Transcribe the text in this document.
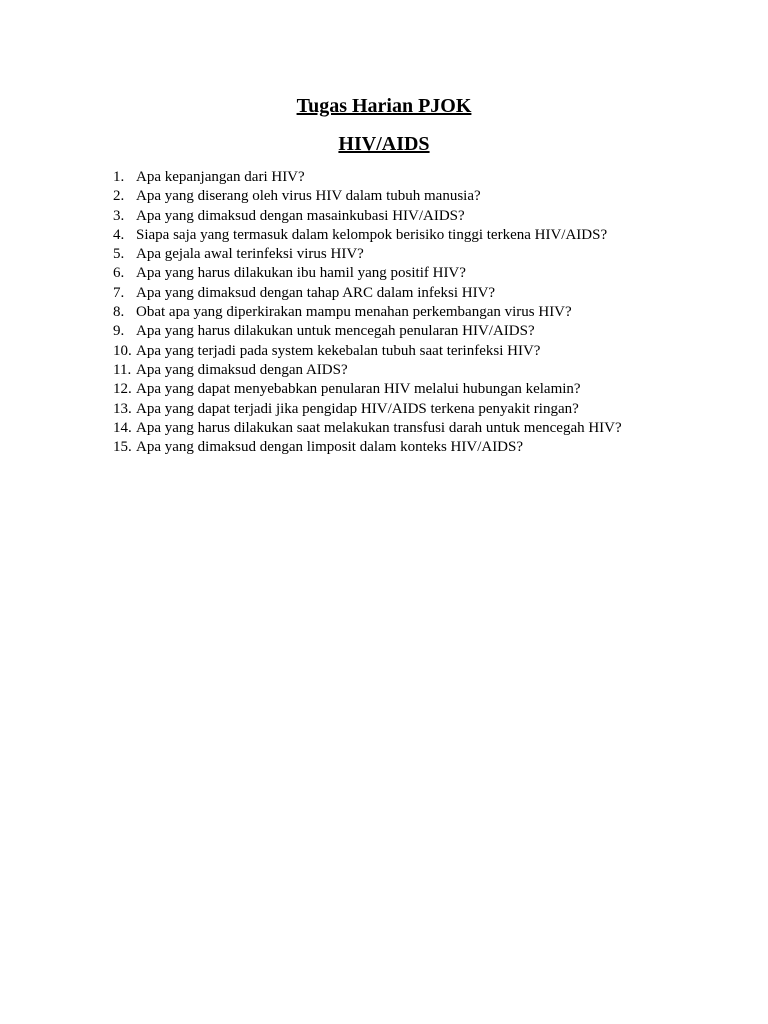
Tugas Harian PJOK
HIV/AIDS
1. Apa kepanjangan dari HIV?
2. Apa yang diserang oleh virus HIV dalam tubuh manusia?
3. Apa yang dimaksud dengan masainkubasi HIV/AIDS?
4. Siapa saja yang termasuk dalam kelompok berisiko tinggi terkena HIV/AIDS?
5. Apa gejala awal terinfeksi virus HIV?
6. Apa yang harus dilakukan ibu hamil yang positif HIV?
7. Apa yang dimaksud dengan tahap ARC dalam infeksi HIV?
8. Obat apa yang diperkirakan mampu menahan perkembangan virus HIV?
9. Apa yang harus dilakukan untuk mencegah penularan HIV/AIDS?
10. Apa yang terjadi pada system kekebalan tubuh saat terinfeksi HIV?
11. Apa yang dimaksud dengan AIDS?
12. Apa yang dapat menyebabkan penularan HIV melalui hubungan kelamin?
13. Apa yang dapat terjadi jika pengidap HIV/AIDS terkena penyakit ringan?
14. Apa yang harus dilakukan saat melakukan transfusi darah untuk mencegah HIV?
15. Apa yang dimaksud dengan limposit dalam konteks HIV/AIDS?
